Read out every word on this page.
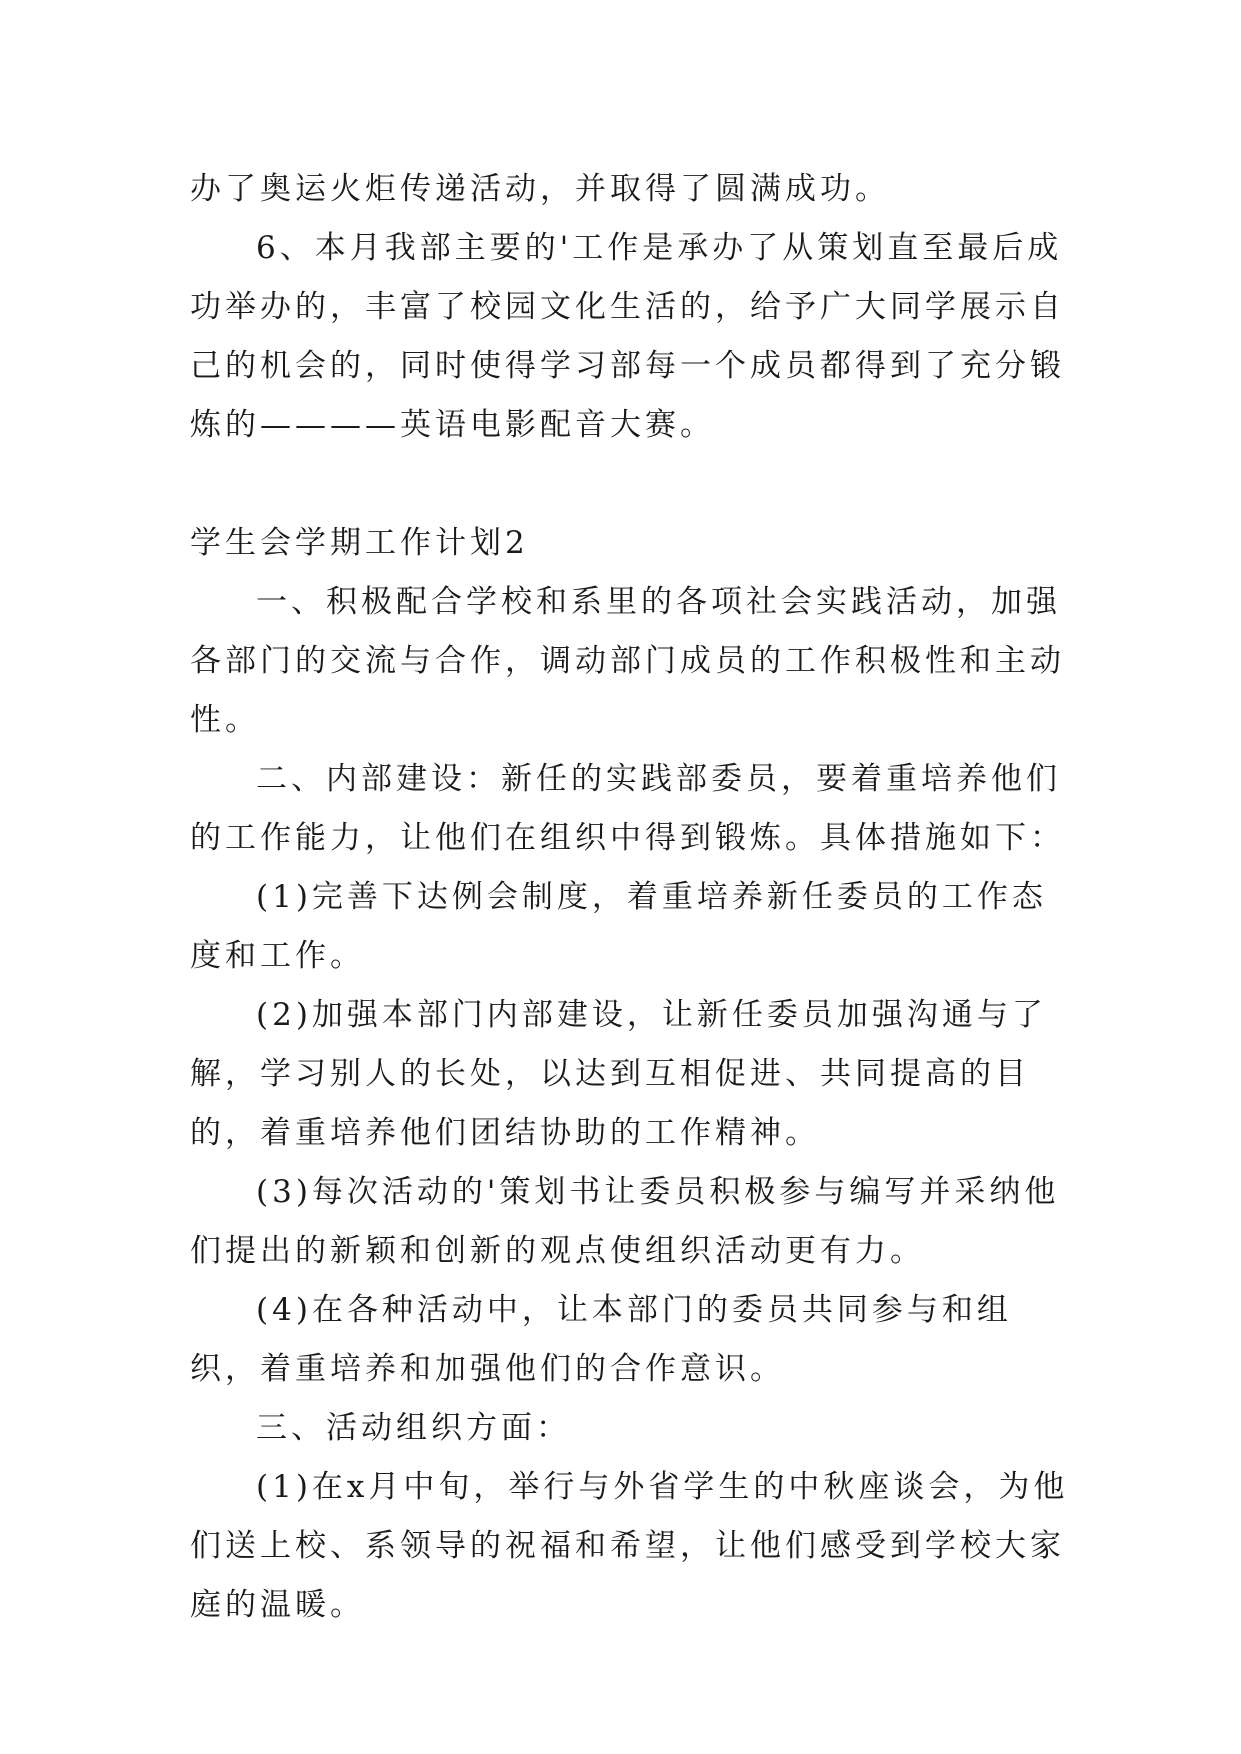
办了奥运火炬传递活动，并取得了圆满成功。

6、本月我部主要的'工作是承办了从策划直至最后成功举办的，丰富了校园文化生活的，给予广大同学展示自己的机会的，同时使得学习部每一个成员都得到了充分锻炼的————英语电影配音大赛。

学生会学期工作计划2

一、积极配合学校和系里的各项社会实践活动，加强各部门的交流与合作，调动部门成员的工作积极性和主动性。

二、内部建设：新任的实践部委员，要着重培养他们的工作能力，让他们在组织中得到锻炼。具体措施如下：

(1)完善下达例会制度，着重培养新任委员的工作态度和工作。

(2)加强本部门内部建设，让新任委员加强沟通与了解，学习别人的长处，以达到互相促进、共同提高的目的，着重培养他们团结协助的工作精神。

(3)每次活动的'策划书让委员积极参与编写并采纳他们提出的新颖和创新的观点使组织活动更有力。

(4)在各种活动中，让本部门的委员共同参与和组织，着重培养和加强他们的合作意识。

三、活动组织方面：

(1)在x月中旬，举行与外省学生的中秋座谈会，为他们送上校、系领导的祝福和希望，让他们感受到学校大家庭的温暖。
